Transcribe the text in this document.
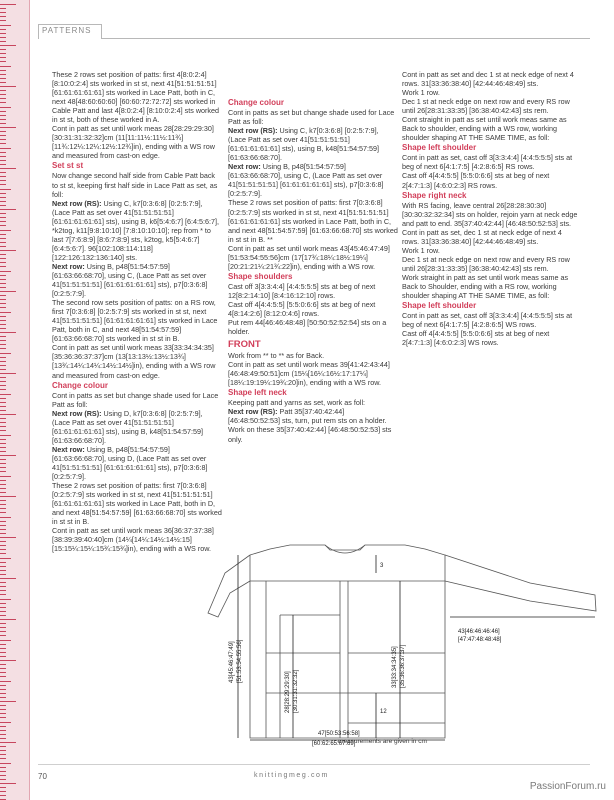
PATTERNS

These 2 rows set position of patts: first 4[8:0:2:4] [8:10:0:2:4] sts worked in st st, next 41[51:51:51:51] [61:61:61:61:61] sts worked in Lace Patt, both in C, next 48[48:60:60:60] [60:60:72:72:72] sts worked in Cable Patt and last 4[8:0:2:4] [8:10:0:2:4] sts worked in st st, both of these worked in A.

Cont in patt as set until work meas 28[28:29:29:30] [30:31:31:32:32]cm (11[11:11½:11½:11¾] [11¾:12¼:12¼:12½:12¾]in), ending with a WS row and measured from cast-on edge.

Set st st

Now change second half side from Cable Patt back to st st, keeping first half side in Lace Patt as set, as foll:

Next row (RS): Using C, k7[0:3:6:8] [0:2:5:7:9], (Lace Patt as set over 41[51:51:51:51] [61:61:61:61:61] sts), using B, k6[5:4:6:7] [6:4:5:6:7], *k2tog, k11[9:8:10:10] [7:8:10:10:10]; rep from * to last 7[7:6:8:9] [8:6:7:8:9] sts, k2tog, k5[5:4:6:7] [6:4:5:6:7]. 96[102:108:114:118] [122:126:132:136:140] sts.

Next row: Using B, p48[51:54:57:59] [61:63:66:68:70], using C, (Lace Patt as set over 41[51:51:51:51] [61:61:61:61:61] sts), p7[0:3:6:8] [0:2:5:7:9].

The second row sets position of patts: on a RS row, first 7[0:3:6:8] [0:2:5:7:9] sts worked in st st, next 41[51:51:51:51] [61:61:61:61:61] sts worked in Lace Patt, both in C, and next 48[51:54:57:59] [61:63:66:68:70] sts worked in st st in B.

Cont in patt as set until work meas 33[33:34:34:35] [35:36:36:37:37]cm (13[13:13½:13½:13¾] [13¾:14¼:14¼:14½:14½]in), ending with a WS row and measured from cast-on edge.

Change colour

Cont in patts as set but change shade used for Lace Patt as foll:

Next row (RS): Using D, k7[0:3:6:8] [0:2:5:7:9], (Lace Patt as set over 41[51:51:51:51] [61:61:61:61:61] sts), using B, k48[51:54:57:59] [61:63:66:68:70].

Next row: Using B, p48[51:54:57:59] [61:63:66:68:70], using D, (Lace Patt as set over 41[51:51:51:51] [61:61:61:61:61] sts), p7[0:3:6:8] [0:2:5:7:9].

These 2 rows set position of patts: first 7[0:3:6:8] [0:2:5:7:9] sts worked in st st, next 41[51:51:51:51] [61:61:61:61:61] sts worked in Lace Patt, both in D, and next 48[51:54:57:59] [61:63:66:68:70] sts worked in st st in B.

Cont in patt as set until work meas 36[36:37:37:38] [38:39:39:40:40]cm (14¼[14¼:14½:14½:15] [15:15¼:15¼:15¾:15¾]in), ending with a WS row.

Change colour

Cont in patts as set but change shade used for Lace Patt as foll:

Next row (RS): Using C, k7[0:3:6:8] [0:2:5:7:9], (Lace Patt as set over 41[51:51:51:51] [61:61:61:61:61] sts), using B, k48[51:54:57:59] [61:63:66:68:70].

Next row: Using B, p48[51:54:57:59] [61:63:66:68:70], using C, (Lace Patt as set over 41[51:51:51:51] [61:61:61:61:61] sts), p7[0:3:6:8] [0:2:5:7:9].

These 2 rows set position of patts: first 7[0:3:6:8] [0:2:5:7:9] sts worked in st st, next 41[51:51:51:51] [61:61:61:61:61] sts worked in Lace Patt, both in C, and next 48[51:54:57:59] [61:63:66:68:70] sts worked in st st in B. **

Cont in patt as set until work meas 43[45:46:47:49] [51:53:54:55:56]cm (17[17¾:18¼:18½:19¼] [20:21:21¼:21¾:22]in), ending with a WS row.

Shape shoulders

Cast off 3[3:3:4:4] [4:4:5:5:5] sts at beg of next 12[8:2:14:10] [8:4:16:12:10] rows.

Cast off 4[4:4:5:5] [5:5:0:6:6] sts at beg of next 4[8:14:2:6] [8:12:0:4:6] rows.

Put rem 44[46:46:48:48] [50:50:52:52:54] sts on a holder.

FRONT

Work from ** to ** as for Back.

Cont in patt as set until work meas 39[41:42:43:44] [46:48:49:50:51]cm (15¼[16¼:16½:17:17¼] [18¼:19:19¼:19¾:20]in), ending with a WS row.

Shape left neck

Keeping patt and yarns as set, work as foll:

Next row (RS): Patt 35[37:40:42:44] [46:48:50:52:53] sts, turn, put rem sts on a holder. Work on these 35[37:40:42:44] [46:48:50:52:53] sts only.

Cont in patt as set and dec 1 st at neck edge of next 4 rows. 31[33:36:38:40] [42:44:46:48:49] sts.

Work 1 row.

Dec 1 st at neck edge on next row and every RS row until 26[28:31:33:35] [36:38:40:42:43] sts rem.

Cont straight in patt as set until work meas same as Back to shoulder, ending with a WS row, working shoulder shaping AT THE SAME TIME, as foll:

Shape left shoulder

Cont in patt as set, cast off 3[3:3:4:4] [4:4:5:5:5] sts at beg of next 6[4:1:7:5] [4:2:8:6:5] RS rows.

Cast off 4[4:4:5:5] [5:5:0:6:6] sts at beg of next 2[4:7:1:3] [4:6:0:2:3] RS rows.

Shape right neck

With RS facing, leave central 26[28:28:30:30] [30:30:32:32:34] sts on holder, rejoin yarn at neck edge and patt to end. 35[37:40:42:44] [46:48:50:52:53] sts.

Cont in patt as set, dec 1 st at neck edge of next 4 rows. 31[33:36:38:40] [42:44:46:48:49] sts.

Work 1 row.

Dec 1 st at neck edge on next row and every RS row until 26[28:31:33:35] [36:38:40:42:43] sts rem.

Work straight in patt as set until work meas same as Back to Shoulder, ending with a RS row, working shoulder shaping AT THE SAME TIME, as foll:

Shape left shoulder

Cont in patt as set, cast off 3[3:3:4:4] [4:4:5:5:5] sts at beg of next 6[4:1:7:5] [4:2:8:6:5] WS rows.

Cast off 4[4:4:5:5] [5:5:0:6:6] sts at beg of next 2[4:7:1:3] [4:6:0:2:3] WS rows.

43[45:46:47:49] [51:53:54:55:56]
28[28:29:29:30] [30:31:31:32:32]
33[33:34:34:35] [35:36:36:37:37]
3
12
43[46:46:46:46]
[47:47:48:48:48]
47[50:53:56:58]
[60:62:65:67:69]
measurements are given in cm
70	knittingmeg.com
PassionForum.ru
